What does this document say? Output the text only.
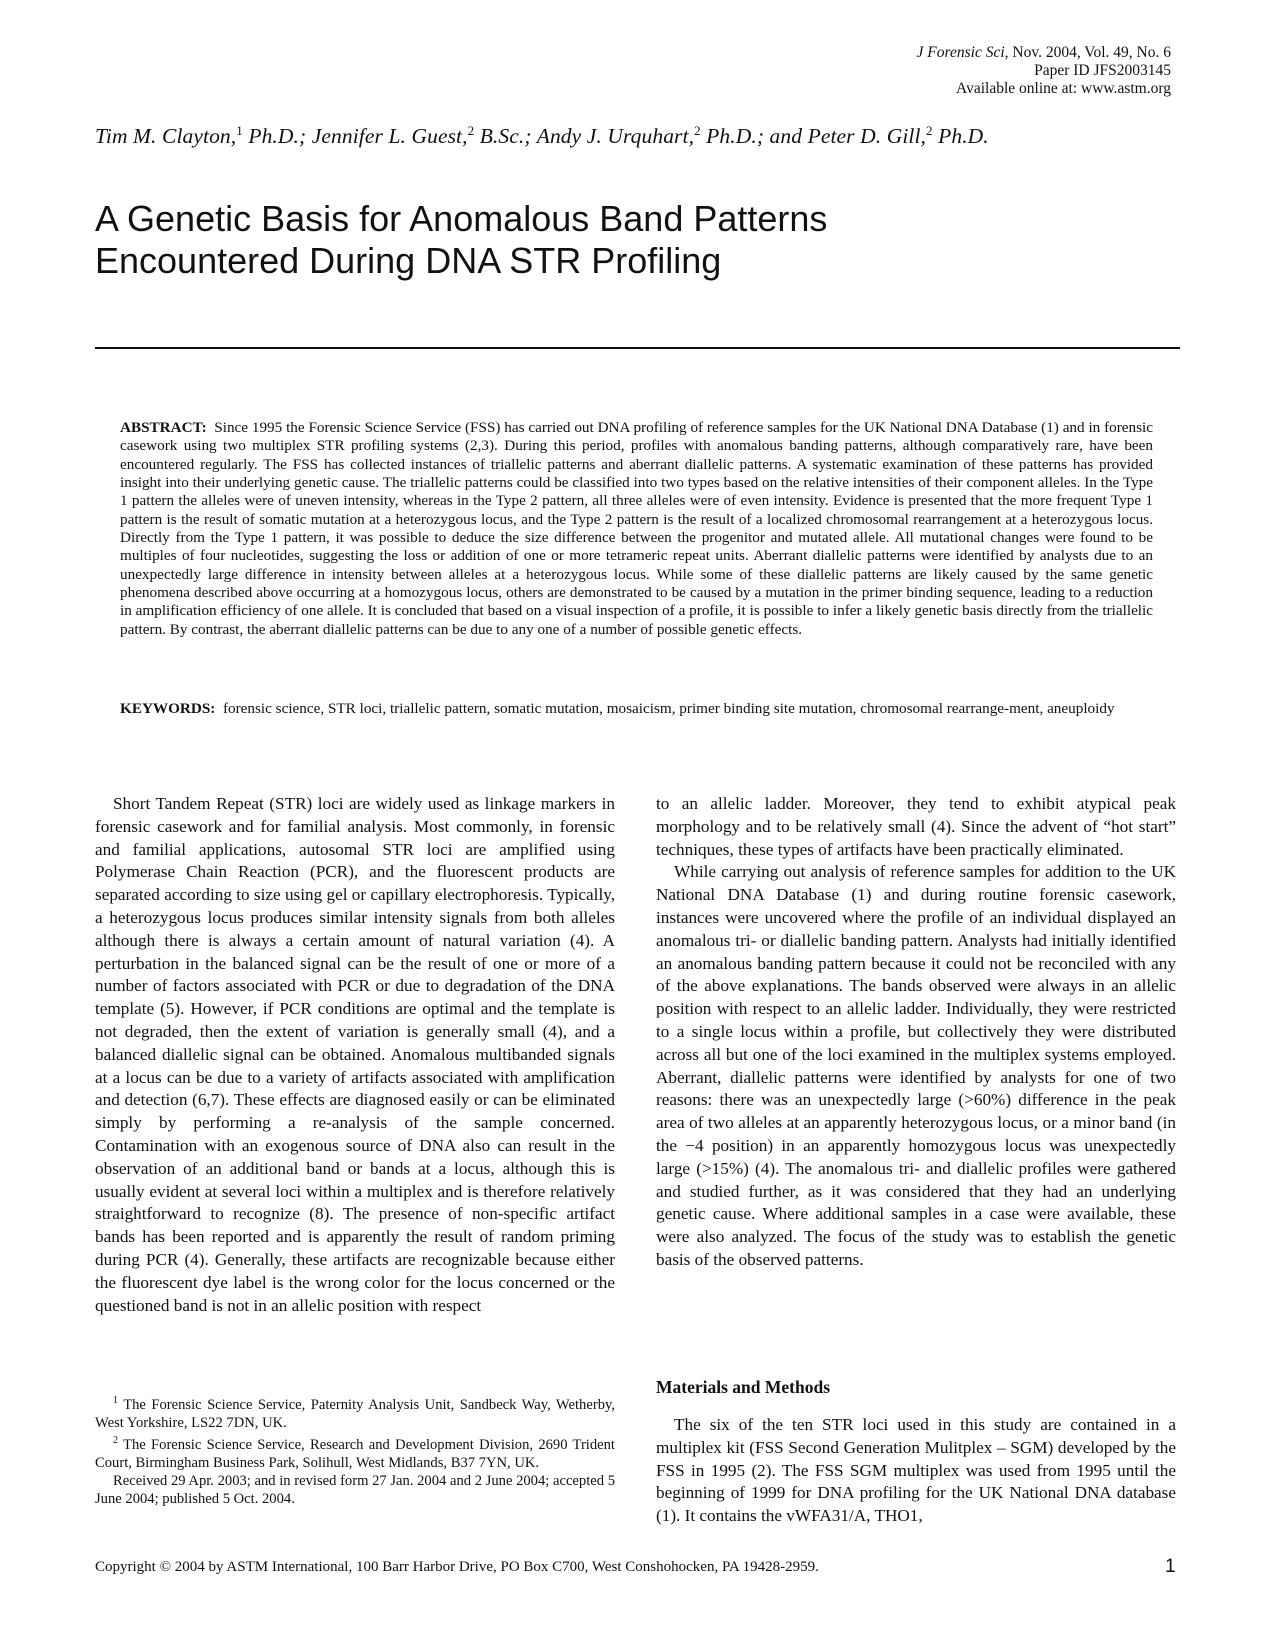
J Forensic Sci, Nov. 2004, Vol. 49, No. 6
Paper ID JFS2003145
Available online at: www.astm.org
Tim M. Clayton,$^1$ Ph.D.; Jennifer L. Guest,$^2$ B.Sc.; Andy J. Urquhart,$^2$ Ph.D.; and Peter D. Gill,$^2$ Ph.D.
A Genetic Basis for Anomalous Band Patterns
Encountered During DNA STR Profiling
ABSTRACT: Since 1995 the Forensic Science Service (FSS) has carried out DNA profiling of reference samples for the UK National DNA Database (1) and in forensic casework using two multiplex STR profiling systems (2,3). During this period, profiles with anomalous banding patterns, although comparatively rare, have been encountered regularly. The FSS has collected instances of triallelic patterns and aberrant diallelic patterns. A systematic examination of these patterns has provided insight into their underlying genetic cause. The triallelic patterns could be classified into two types based on the relative intensities of their component alleles. In the Type 1 pattern the alleles were of uneven intensity, whereas in the Type 2 pattern, all three alleles were of even intensity. Evidence is presented that the more frequent Type 1 pattern is the result of somatic mutation at a heterozygous locus, and the Type 2 pattern is the result of a localized chromosomal rearrangement at a heterozygous locus. Directly from the Type 1 pattern, it was possible to deduce the size difference between the progenitor and mutated allele. All mutational changes were found to be multiples of four nucleotides, suggesting the loss or addition of one or more tetrameric repeat units. Aberrant diallelic patterns were identified by analysts due to an unexpectedly large difference in intensity between alleles at a heterozygous locus. While some of these diallelic patterns are likely caused by the same genetic phenomena described above occurring at a homozygous locus, others are demonstrated to be caused by a mutation in the primer binding sequence, leading to a reduction in amplification efficiency of one allele. It is concluded that based on a visual inspection of a profile, it is possible to infer a likely genetic basis directly from the triallelic pattern. By contrast, the aberrant diallelic patterns can be due to any one of a number of possible genetic effects.
KEYWORDS: forensic science, STR loci, triallelic pattern, somatic mutation, mosaicism, primer binding site mutation, chromosomal rearrange-ment, aneuploidy

Short Tandem Repeat (STR) loci are widely used as linkage markers in forensic casework and for familial analysis. Most commonly, in forensic and familial applications, autosomal STR loci are amplified using Polymerase Chain Reaction (PCR), and the fluorescent products are separated according to size using gel or capillary electrophoresis. Typically, a heterozygous locus produces similar intensity signals from both alleles although there is always a certain amount of natural variation (4). A perturbation in the balanced signal can be the result of one or more of a number of factors associated with PCR or due to degradation of the DNA template (5). However, if PCR conditions are optimal and the template is not degraded, then the extent of variation is generally small (4), and a balanced diallelic signal can be obtained. Anomalous multibanded signals at a locus can be due to a variety of artifacts associated with amplification and detection (6,7). These effects are diagnosed easily or can be eliminated simply by performing a re-analysis of the sample concerned. Contamination with an exogenous source of DNA also can result in the observation of an additional band or bands at a locus, although this is usually evident at several loci within a multiplex and is therefore relatively straightforward to recognize (8). The presence of non-specific artifact bands has been reported and is apparently the result of random priming during PCR (4). Generally, these artifacts are recognizable because either the fluorescent dye label is the wrong color for the locus concerned or the questioned band is not in an allelic position with respect

to an allelic ladder. Moreover, they tend to exhibit atypical peak morphology and to be relatively small (4). Since the advent of “hot start” techniques, these types of artifacts have been practically eliminated.

While carrying out analysis of reference samples for addition to the UK National DNA Database (1) and during routine forensic casework, instances were uncovered where the profile of an individual displayed an anomalous tri- or diallelic banding pattern. Analysts had initially identified an anomalous banding pattern because it could not be reconciled with any of the above explanations. The bands observed were always in an allelic position with respect to an allelic ladder. Individually, they were restricted to a single locus within a profile, but collectively they were distributed across all but one of the loci examined in the multiplex systems employed. Aberrant, diallelic patterns were identified by analysts for one of two reasons: there was an unexpectedly large (>60%) difference in the peak area of two alleles at an apparently heterozygous locus, or a minor band (in the −4 position) in an apparently homozygous locus was unexpectedly large (>15%) (4). The anomalous tri- and diallelic profiles were gathered and studied further, as it was considered that they had an underlying genetic cause. Where additional samples in a case were available, these were also analyzed. The focus of the study was to establish the genetic basis of the observed patterns.

Materials and Methods

The six of the ten STR loci used in this study are contained in a multiplex kit (FSS Second Generation Mulitplex – SGM) developed by the FSS in 1995 (2). The FSS SGM multiplex was used from 1995 until the beginning of 1999 for DNA profiling for the UK National DNA database (1). It contains the vWFA31/A, THO1,

$^1$ The Forensic Science Service, Paternity Analysis Unit, Sandbeck Way, Wetherby, West Yorkshire, LS22 7DN, UK.

$^2$ The Forensic Science Service, Research and Development Division, 2690 Trident Court, Birmingham Business Park, Solihull, West Midlands, B37 7YN, UK.

Received 29 Apr. 2003; and in revised form 27 Jan. 2004 and 2 June 2004; accepted 5 June 2004; published 5 Oct. 2004.

Copyright © 2004 by ASTM International, 100 Barr Harbor Drive, PO Box C700, West Conshohocken, PA 19428-2959.	1
